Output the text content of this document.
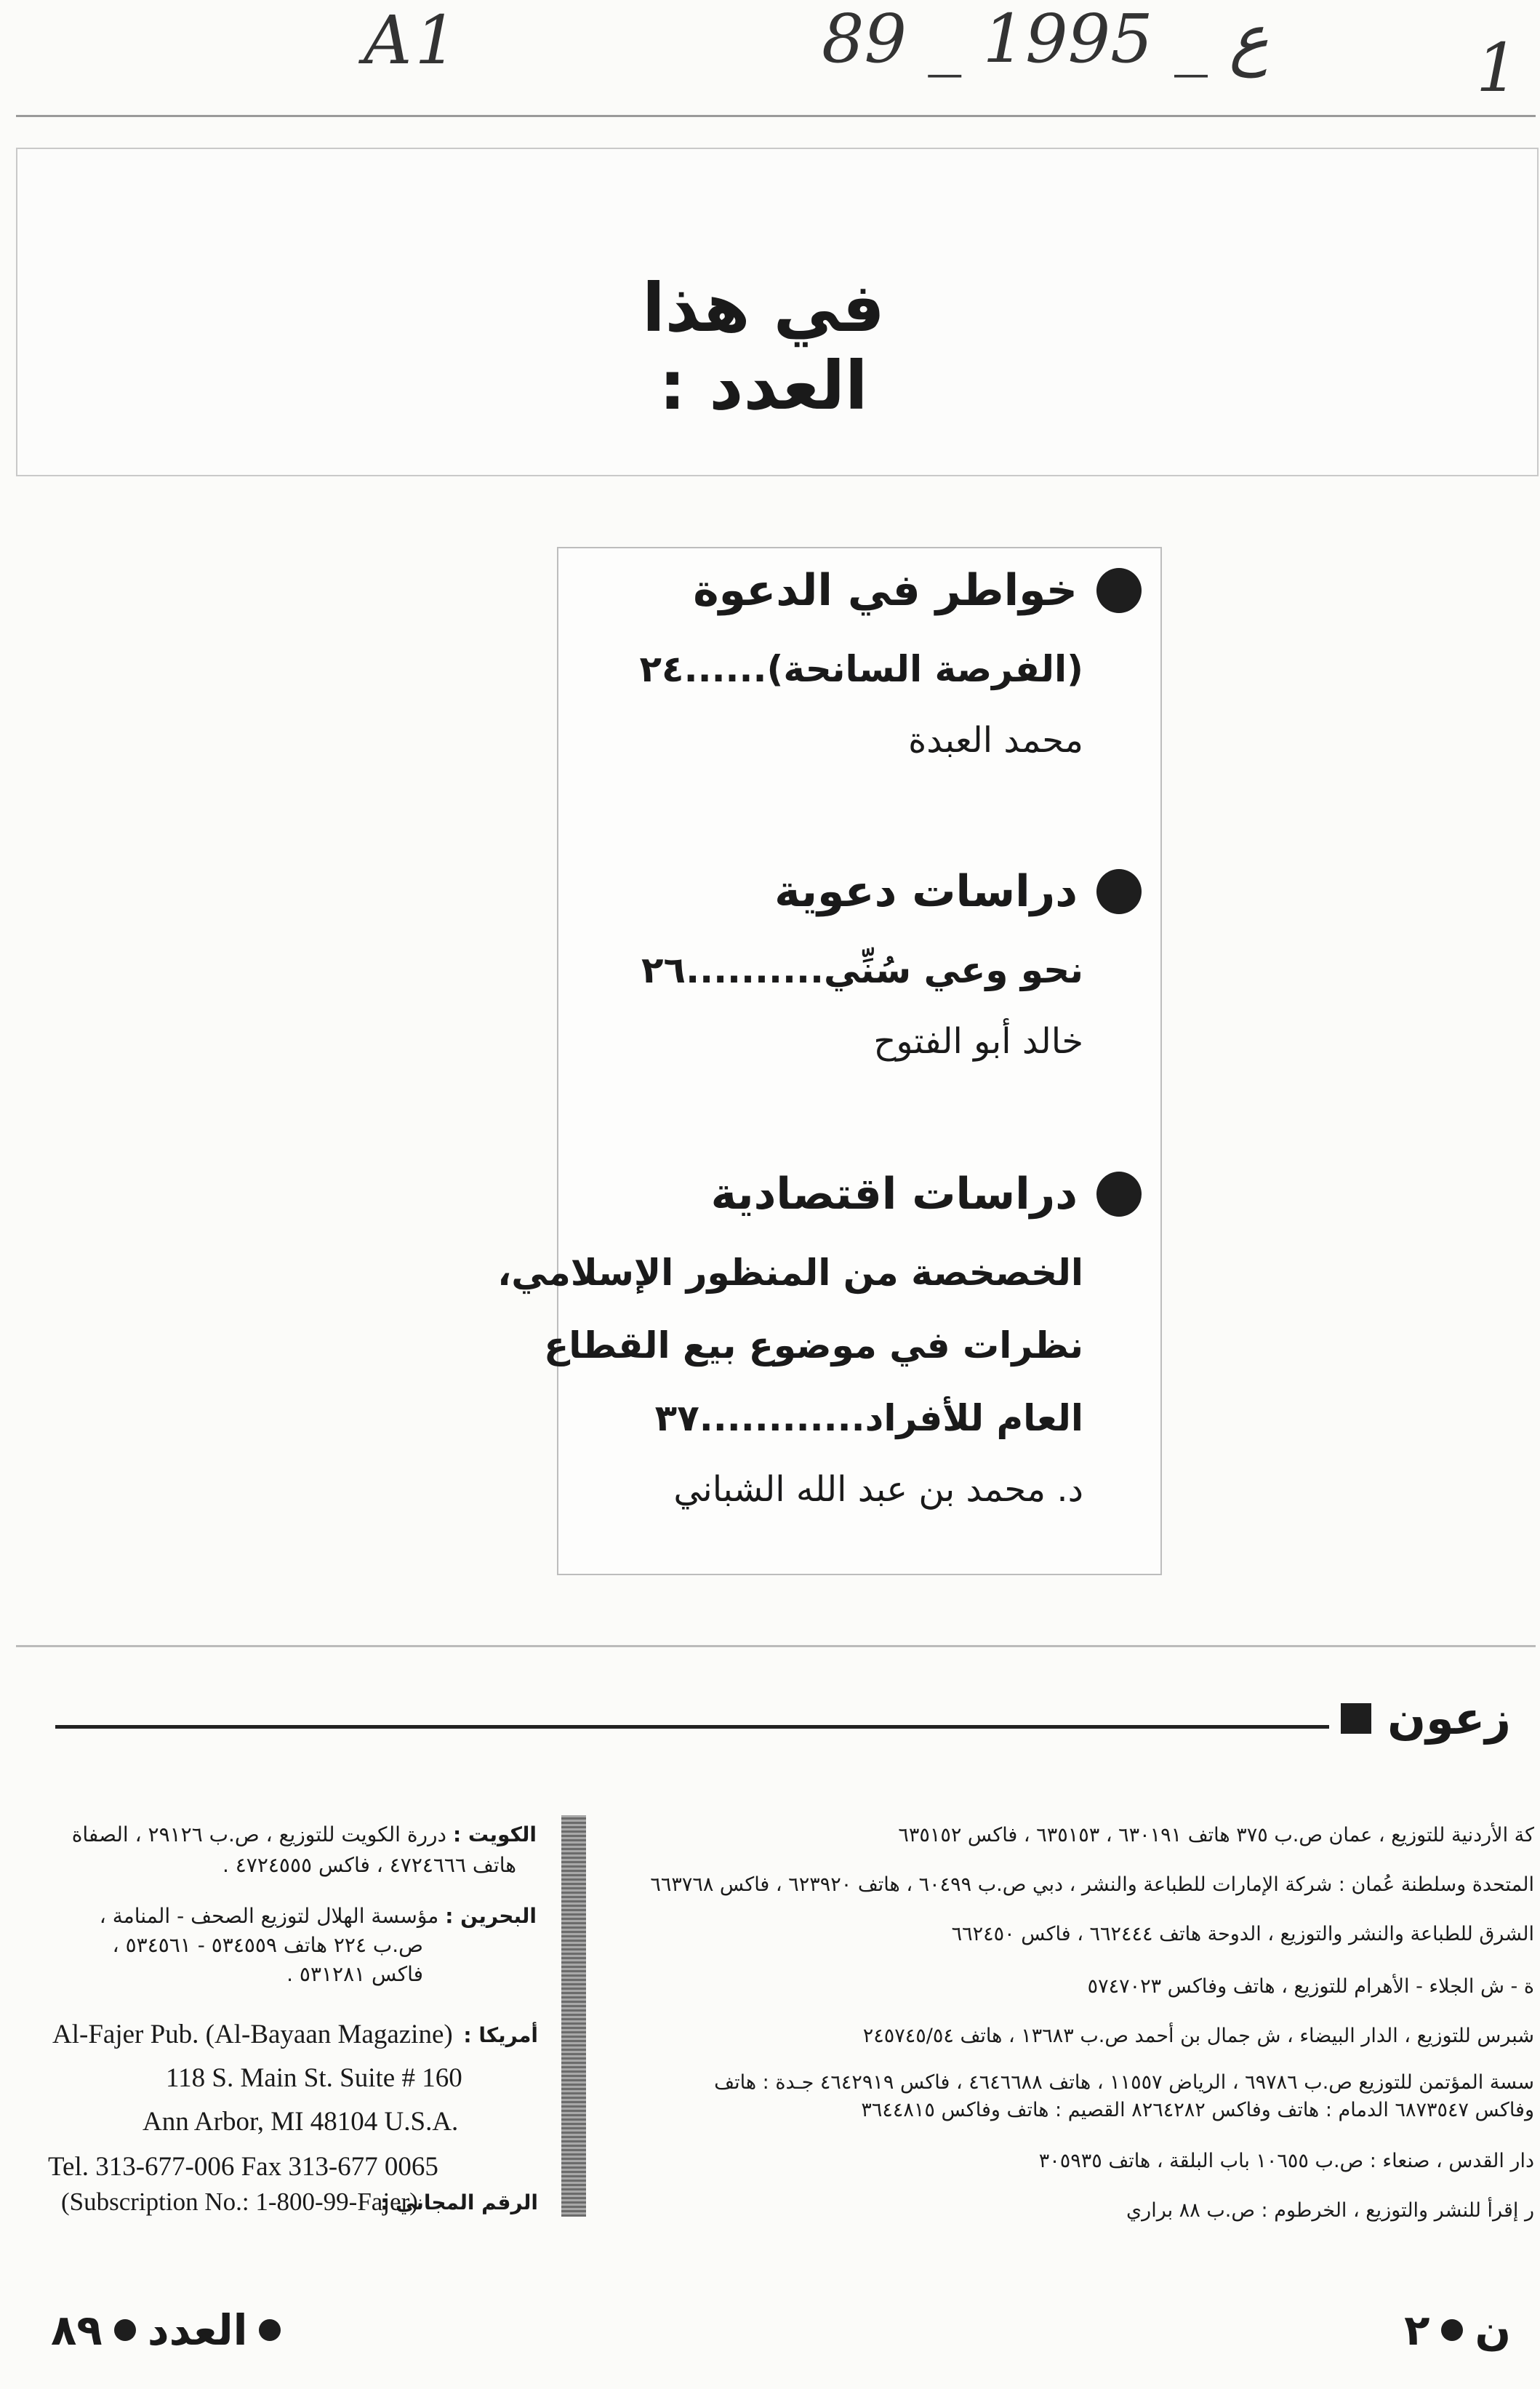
A1	89 _ ع _ 1995	1
في هذا العدد :
خواطر في الدعوة
(الفرصة السانحة)......٢٤
محمد العبدة
دراسات دعوية
نحو وعي سُنِّي..........٢٦
خالد أبو الفتوح
دراسات اقتصادية
الخصخصة من المنظور الإسلامي،
نظرات في موضوع بيع القطاع
العام للأفراد............٣٧
د. محمد بن عبد الله الشباني
زعون
كة الأردنية للتوزيع ، عمان ص.ب ٣٧٥ هاتف ٦٣٠١٩١ ، ٦٣٥١٥٣ ، فاكس ٦٣٥١٥٢
المتحدة وسلطنة عُمان : شركة الإمارات للطباعة والنشر ، دبي ص.ب ٦٠٤٩٩ ، هاتف ٦٢٣٩٢٠ ، فاكس ٦٦٣٧٦٨
الشرق للطباعة والنشر والتوزيع ، الدوحة هاتف ٦٦٢٤٤٤ ، فاكس ٦٦٢٤٥٠
ة - ش الجلاء - الأهرام للتوزيع ، هاتف وفاكس ٥٧٤٧٠٢٣
شبرس للتوزيع ، الدار البيضاء ، ش جمال بن أحمد ص.ب ١٣٦٨٣ ، هاتف ٢٤٥٧٤٥/٥٤
سسة المؤتمن للتوزيع ص.ب ٦٩٧٨٦ ، الرياض ١١٥٥٧ ، هاتف ٤٦٤٦٦٨٨ ، فاكس ٤٦٤٢٩١٩ جـدة : هاتف
وفاكس ٦٨٧٣٥٤٧ الدمام : هاتف وفاكس ٨٢٦٤٢٨٢ القصيم : هاتف وفاكس ٣٦٤٤٨١٥
دار القدس ، صنعاء : ص.ب ١٠٦٥٥ باب البلقة ، هاتف ٣٠٥٩٣٥
ر إقرأ للنشر والتوزيع ، الخرطوم : ص.ب ٨٨ براري
الكويت : دررة الكويت للتوزيع ، ص.ب ٢٩١٢٦ ، الصفاة
هاتف ٤٧٢٤٦٦٦ ، فاكس ٤٧٢٤٥٥٥ .
البحرين : مؤسسة الهلال لتوزيع الصحف - المنامة ،
ص.ب ٢٢٤ هاتف ٥٣٤٥٥٩ - ٥٣٤٥٦١ ،
فاكس ٥٣١٢٨١ .
أمريكا :
Al-Fajer Pub. (Al-Bayaan Magazine)
118 S. Main St. Suite # 160
Ann Arbor, MI 48104 U.S.A.
Tel. 313-677-006 Fax 313-677 0065
الرقم المجاني :
(Subscription No.: 1-800-99-Fajer)
العدد
٨٩	ن
٢
